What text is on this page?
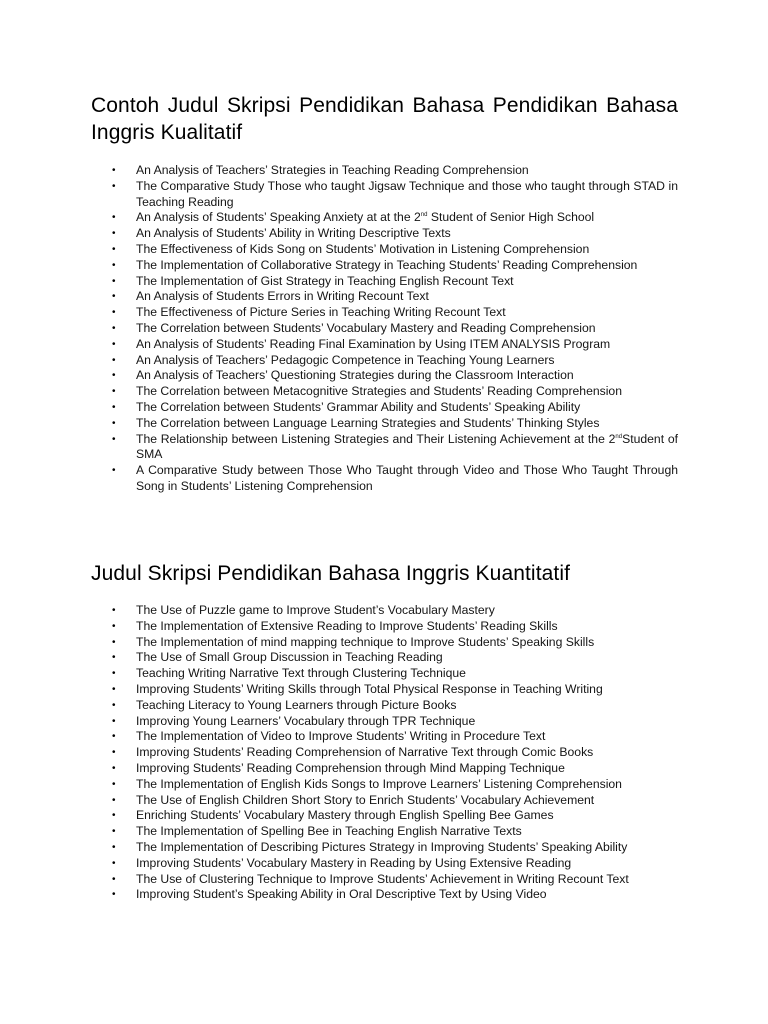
Contoh Judul Skripsi Pendidikan Bahasa Pendidikan Bahasa Inggris Kualitatif
• An Analysis of Teachers’ Strategies in Teaching Reading Comprehension
• The Comparative Study Those who taught Jigsaw Technique and those who taught through STAD in Teaching Reading
• An Analysis of Students’ Speaking Anxiety at at the 2nd Student of Senior High School
• An Analysis of Students’ Ability in Writing Descriptive Texts
• The Effectiveness of Kids Song on Students’ Motivation in Listening Comprehension
• The Implementation of Collaborative Strategy in Teaching Students’ Reading Comprehension
• The Implementation of Gist Strategy in Teaching English Recount Text
• An Analysis of Students Errors in Writing Recount Text
• The Effectiveness of Picture Series in Teaching Writing Recount Text
• The Correlation between Students’ Vocabulary Mastery and Reading Comprehension
• An Analysis of Students’ Reading Final Examination by Using ITEM ANALYSIS Program
• An Analysis of Teachers’ Pedagogic Competence in Teaching Young Learners
• An Analysis of Teachers’ Questioning Strategies during the Classroom Interaction
• The Correlation between Metacognitive Strategies and Students’ Reading Comprehension
• The Correlation between Students’ Grammar Ability and Students’ Speaking Ability
• The Correlation between Language Learning Strategies and Students’ Thinking Styles
• The Relationship between Listening Strategies and Their Listening Achievement at the 2ndStudent of SMA
• A Comparative Study between Those Who Taught through Video and Those Who Taught Through Song in Students’ Listening Comprehension
Judul Skripsi Pendidikan Bahasa Inggris Kuantitatif
• The Use of Puzzle game to Improve Student’s Vocabulary Mastery
• The Implementation of Extensive Reading to Improve Students’ Reading Skills
• The Implementation of mind mapping technique to Improve Students’ Speaking Skills
• The Use of Small Group Discussion in Teaching Reading
• Teaching Writing Narrative Text through Clustering Technique
• Improving Students’ Writing Skills through Total Physical Response in Teaching Writing
• Teaching Literacy to Young Learners through Picture Books
• Improving Young Learners’ Vocabulary through TPR Technique
• The Implementation of Video to Improve Students’ Writing in Procedure Text
• Improving Students’ Reading Comprehension of Narrative Text through Comic Books
• Improving Students’ Reading Comprehension through Mind Mapping Technique
• The Implementation of English Kids Songs to Improve Learners’ Listening Comprehension
• The Use of English Children Short Story to Enrich Students’ Vocabulary Achievement
• Enriching Students’ Vocabulary Mastery through English Spelling Bee Games
• The Implementation of Spelling Bee in Teaching English Narrative Texts
• The Implementation of Describing Pictures Strategy in Improving Students’ Speaking Ability
• Improving Students’ Vocabulary Mastery in Reading by Using Extensive Reading
• The Use of Clustering Technique to Improve Students’ Achievement in Writing Recount Text
• Improving Student’s Speaking Ability in Oral Descriptive Text by Using Video
